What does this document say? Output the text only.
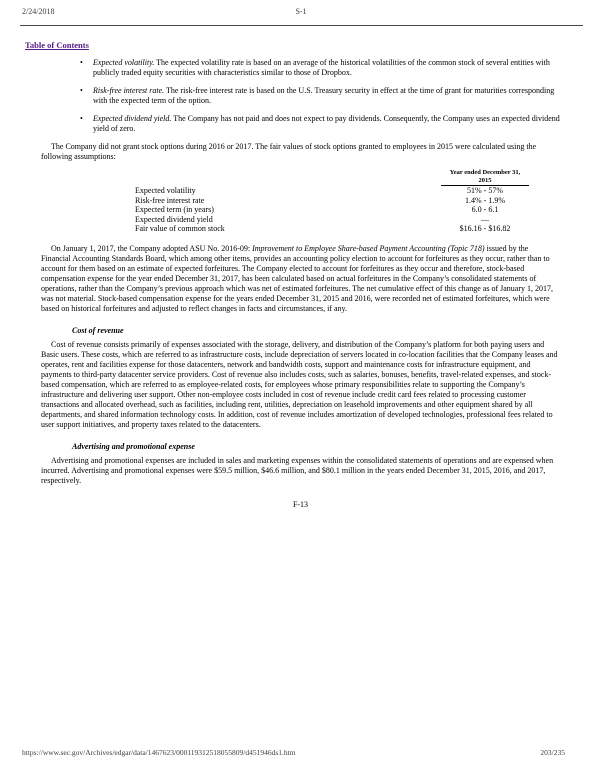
2/24/2018	S-1
Table of Contents
•	Expected volatility. The expected volatility rate is based on an average of the historical volatilities of the common stock of several entities with publicly traded equity securities with characteristics similar to those of Dropbox.
•	Risk-free interest rate. The risk-free interest rate is based on the U.S. Treasury security in effect at the time of grant for maturities corresponding with the expected term of the option.
•	Expected dividend yield. The Company has not paid and does not expect to pay dividends. Consequently, the Company uses an expected dividend yield of zero.

The Company did not grant stock options during 2016 or 2017. The fair values of stock options granted to employees in 2015 were calculated using the following assumptions:

Year ended December 31,
2015
Expected volatility	51% - 57%
Risk-free interest rate	1.4% - 1.9%
Expected term (in years)	6.0 - 6.1
Expected dividend yield	—
Fair value of common stock	$16.16 - $16.82

On January 1, 2017, the Company adopted ASU No. 2016-09: Improvement to Employee Share-based Payment Accounting (Topic 718) issued by the Financial Accounting Standards Board, which among other items, provides an accounting policy election to account for forfeitures as they occur, rather than to account for them based on an estimate of expected forfeitures. The Company elected to account for forfeitures as they occur and therefore, stock-based compensation expense for the year ended December 31, 2017, has been calculated based on actual forfeitures in the Company’s consolidated statements of operations, rather than the Company’s previous approach which was net of estimated forfeitures. The net cumulative effect of this change as of January 1, 2017, was not material. Stock-based compensation expense for the years ended December 31, 2015 and 2016, were recorded net of estimated forfeitures, which were based on historical forfeitures and adjusted to reflect changes in facts and circumstances, if any.

Cost of revenue

Cost of revenue consists primarily of expenses associated with the storage, delivery, and distribution of the Company’s platform for both paying users and Basic users. These costs, which are referred to as infrastructure costs, include depreciation of servers located in co-location facilities that the Company leases and operates, rent and facilities expense for those datacenters, network and bandwidth costs, support and maintenance costs for infrastructure equipment, and payments to third-party datacenter service providers. Cost of revenue also includes costs, such as salaries, bonuses, benefits, travel-related expenses, and stock-based compensation, which are referred to as employee-related costs, for employees whose primary responsibilities relate to supporting the Company’s infrastructure and delivering user support. Other non-employee costs included in cost of revenue include credit card fees related to processing customer transactions and allocated overhead, such as facilities, including rent, utilities, depreciation on leasehold improvements and other equipment shared by all departments, and shared information technology costs. In addition, cost of revenue includes amortization of developed technologies, professional fees related to user support initiatives, and property taxes related to the datacenters.

Advertising and promotional expense

Advertising and promotional expenses are included in sales and marketing expenses within the consolidated statements of operations and are expensed when incurred. Advertising and promotional expenses were $59.5 million, $46.6 million, and $80.1 million in the years ended December 31, 2015, 2016, and 2017, respectively.

F-13
https://www.sec.gov/Archives/edgar/data/1467623/000119312518055809/d451946ds1.htm	203/235
